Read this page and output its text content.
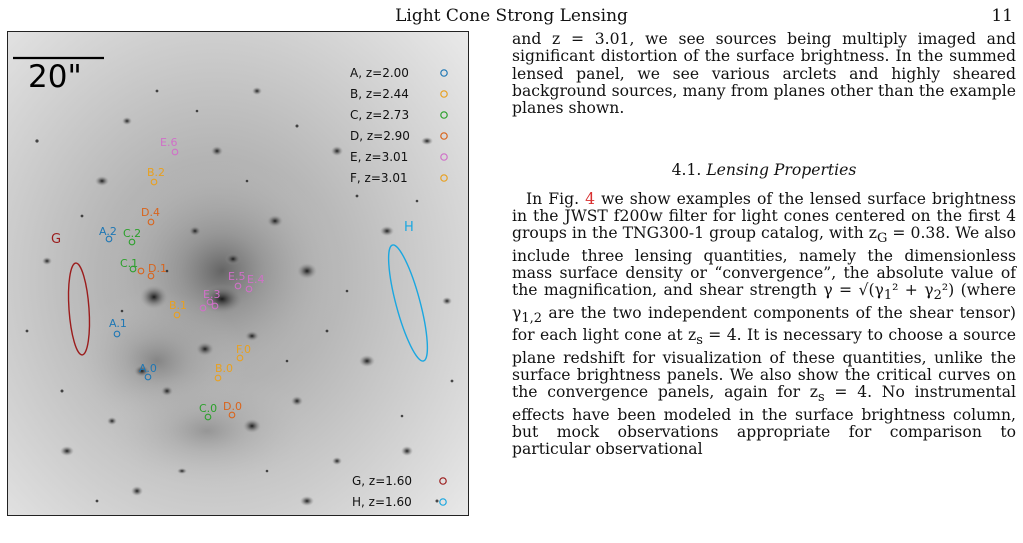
Light Cone Strong Lensing	11
20"
E.6
B.2
D.4
A.2 C.2
G
H
C.1 D.1
B.1
E.5 E.4
E.3
A.1
F.0
B.0
A.0
C.0 D.0
A, z=2.00
B, z=2.44
C, z=2.73
D, z=2.90
E, z=3.01
F, z=3.01
G, z=1.60
H, z=1.60

and z = 3.01, we see sources being multiply imaged and significant distortion of the surface brightness. In the summed lensed panel, we see various arclets and highly sheared background sources, many from planes other than the example planes shown.

4.1. Lensing Properties

In Fig. 4 we show examples of the lensed surface brightness in the JWST f200w filter for light cones centered on the first 4 groups in the TNG300-1 group catalog, with $z_G = 0.38$. We also include three lensing quantities, namely the dimensionless mass surface density or “convergence”, the absolute value of the magnification, and shear strength $\gamma = √(\gamma_1^2 + \gamma_2^2)$ (where $\gamma_{1,2}$ are the two independent components of the shear tensor) for each light cone at $z_s = 4$. It is necessary to choose a source plane redshift for visualization of these quantities, unlike the surface brightness panels. We also show the critical curves on the convergence panels, again for $z_s = 4$. No instrumental effects have been modeled in the surface brightness column, but mock observations appropriate for comparison to particular observational
